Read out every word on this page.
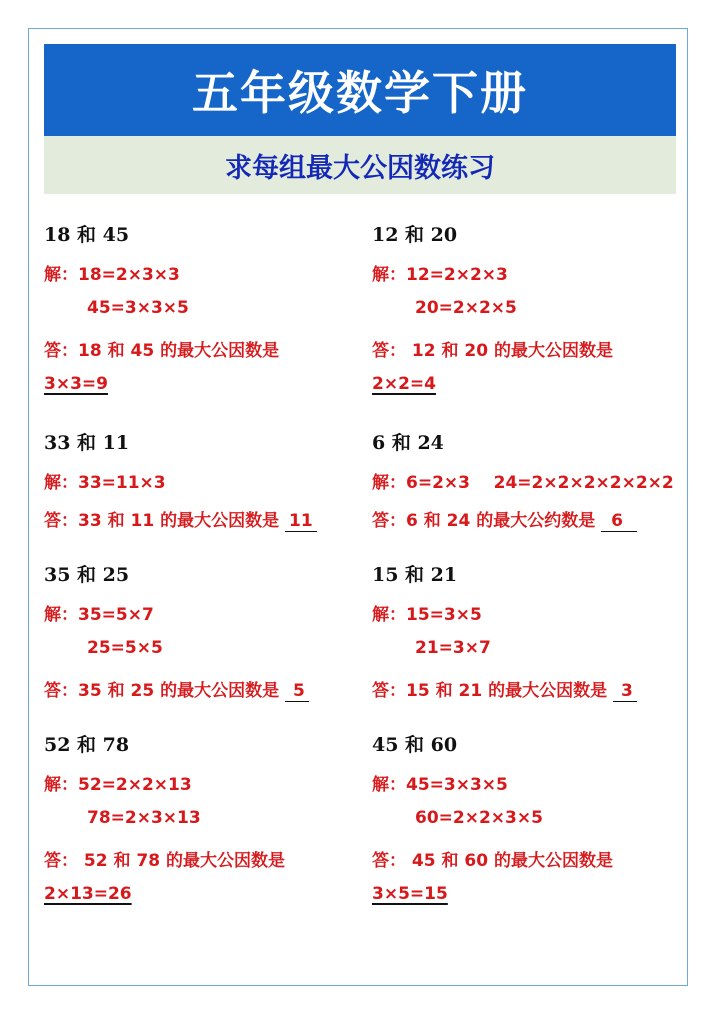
五年级数学下册
求每组最大公因数练习
18 和 45
解：18=2×3×3
45=3×3×5
答：18 和 45 的最大公因数是
3×3=9
12 和 20
解：12=2×2×3
20=2×2×5
答： 12 和 20 的最大公因数是
2×2=4
33 和 11
解：33=11×3
答：33 和 11 的最大公因数是 11
6 和 24
解：6=2×3    24=2×2×2×2×2×2
答：6 和 24 的最大公约数是 6
35 和 25
解：35=5×7
25=5×5
答：35 和 25 的最大公因数是 5
15 和 21
解：15=3×5
21=3×7
答：15 和 21 的最大公因数是 3
52 和 78
解：52=2×2×13
78=2×3×13
答： 52 和 78 的最大公因数是
2×13=26
45 和 60
解：45=3×3×5
60=2×2×3×5
答： 45 和 60 的最大公因数是
3×5=15
